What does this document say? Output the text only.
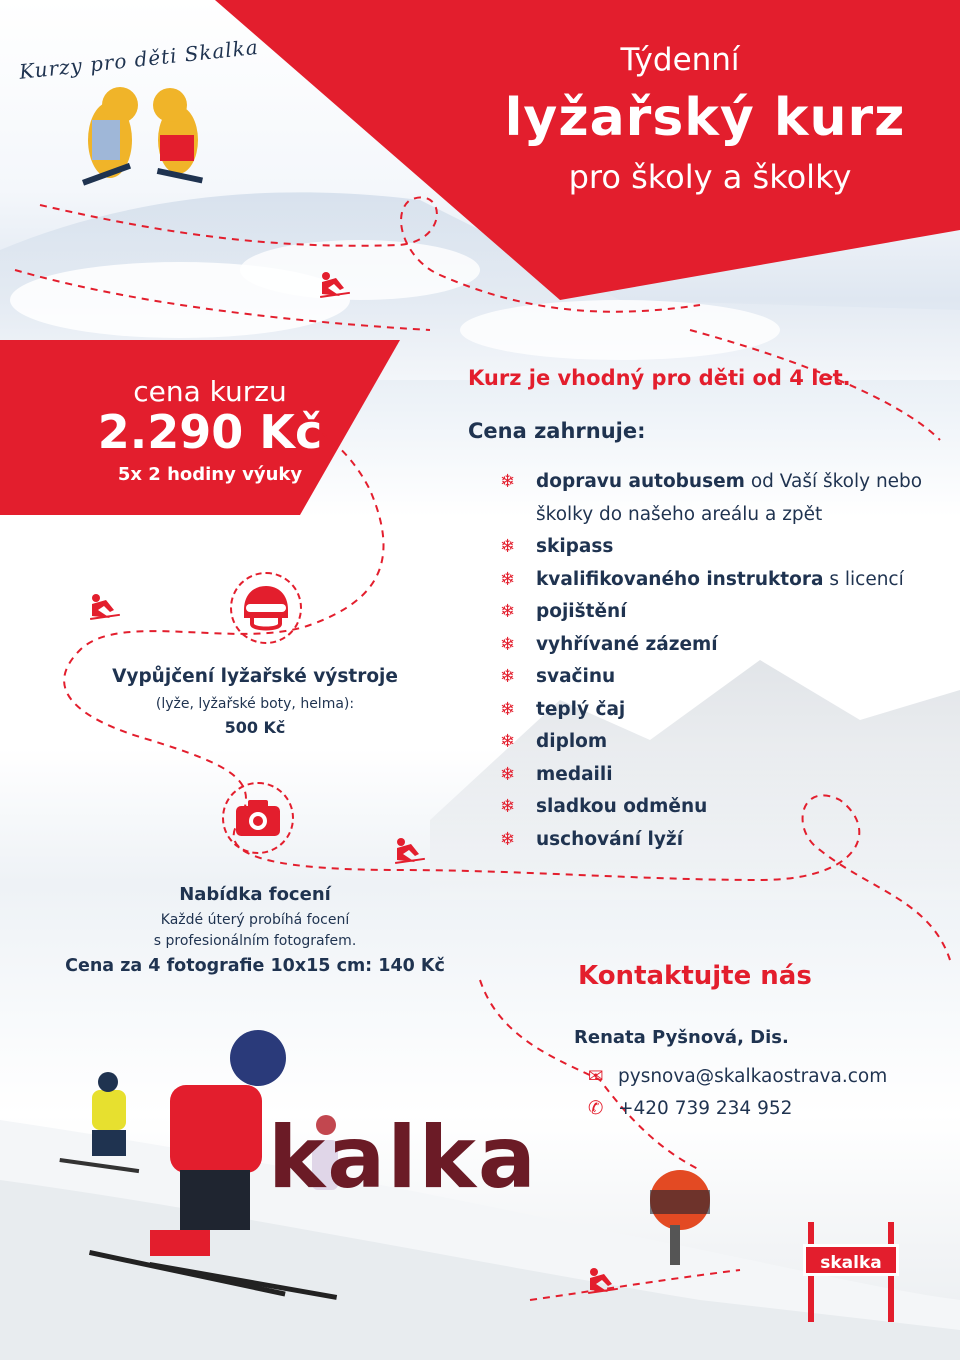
Kurzy pro děti Skalka	Týdenní
lyžařský kurz
pro školy a školky
cena kurzu
2.290 Kč
5x 2 hodiny výuky
Kurz je vhodný pro děti od 4 let.
Cena zahrnuje:
❄ dopravu autobusem od Vaší školy nebo školky do našeho areálu a zpět
❄ skipass
❄ kvalifikovaného instruktora s licencí
❄ pojištění
❄ vyhřívané zázemí
❄ svačinu
❄ teplý čaj
❄ diplom
❄ medaili
❄ sladkou odměnu
❄ uschování lyží
Vypůjčení lyžařské výstroje
(lyže, lyžařské boty, helma):
500 Kč
Nabídka focení
Každé úterý probíhá focení
s profesionálním fotografem.
Cena za 4 fotografie 10x15 cm: 140 Kč	Kontaktujte nás
Renata Pyšnová, Dis.
✉ pysnova@skalkaostrava.com
✆ +420 739 234 952
kalka
skalka
